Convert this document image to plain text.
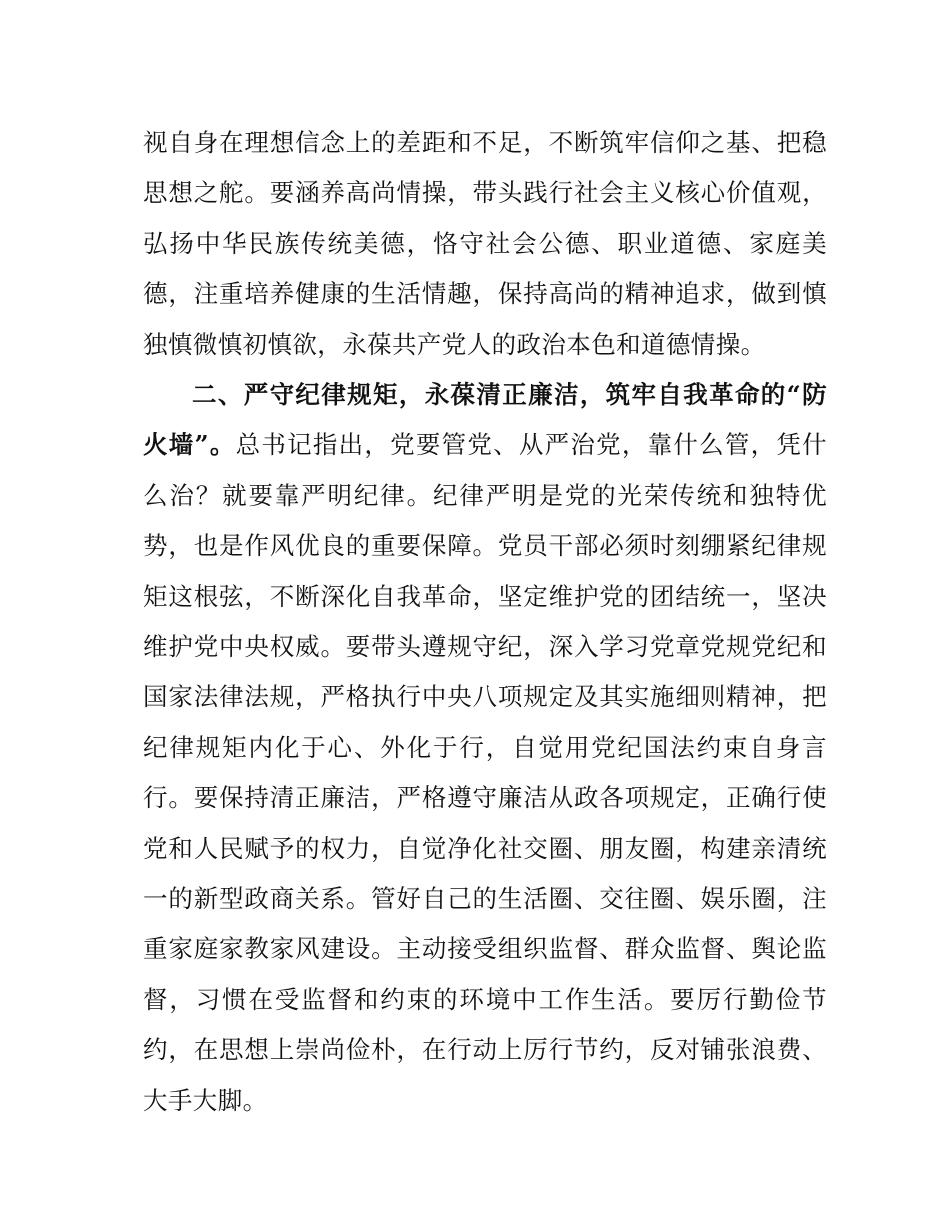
视自身在理想信念上的差距和不足，不断筑牢信仰之基、把稳思想之舵。要涵养高尚情操，带头践行社会主义核心价值观，弘扬中华民族传统美德，恪守社会公德、职业道德、家庭美德，注重培养健康的生活情趣，保持高尚的精神追求，做到慎独慎微慎初慎欲，永葆共产党人的政治本色和道德情操。

二、严守纪律规矩，永葆清正廉洁，筑牢自我革命的“防火墙”。总书记指出，党要管党、从严治党，靠什么管，凭什么治？就要靠严明纪律。纪律严明是党的光荣传统和独特优势，也是作风优良的重要保障。党员干部必须时刻绷紧纪律规矩这根弦，不断深化自我革命，坚定维护党的团结统一，坚决维护党中央权威。要带头遵规守纪，深入学习党章党规党纪和国家法律法规，严格执行中央八项规定及其实施细则精神，把纪律规矩内化于心、外化于行，自觉用党纪国法约束自身言行。要保持清正廉洁，严格遵守廉洁从政各项规定，正确行使党和人民赋予的权力，自觉净化社交圈、朋友圈，构建亲清统一的新型政商关系。管好自己的生活圈、交往圈、娱乐圈，注重家庭家教家风建设。主动接受组织监督、群众监督、舆论监督，习惯在受监督和约束的环境中工作生活。要厉行勤俭节约，在思想上崇尚俭朴，在行动上厉行节约，反对铺张浪费、大手大脚。
